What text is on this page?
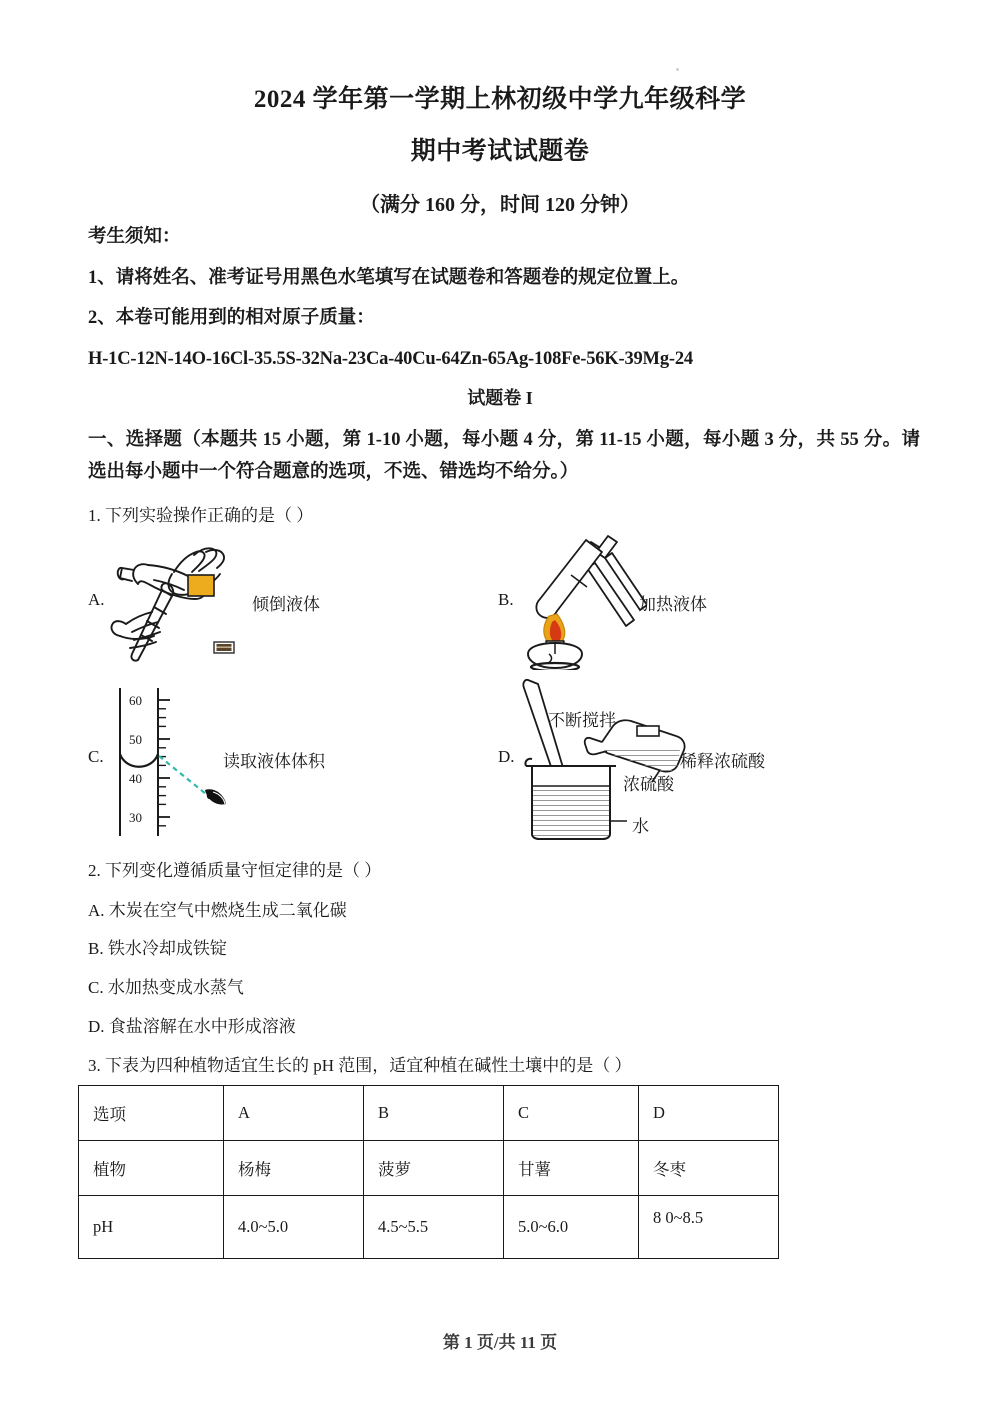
2024 学年第一学期上林初级中学九年级科学
期中考试试题卷
（满分 160 分，时间 120 分钟）
考生须知：
1、请将姓名、准考证号用黑色水笔填写在试题卷和答题卷的规定位置上。
2、本卷可能用到的相对原子质量：
H-1C-12N-14O-16Cl-35.5S-32Na-23Ca-40Cu-64Zn-65Ag-108Fe-56K-39Mg-24
试题卷 I
一、选择题（本题共 15 小题，第 1-10 小题，每小题 4 分，第 11-15 小题，每小题 3 分，共 55 分。请选出每小题中一个符合题意的选项，不选、错选均不给分。）
1. 下列实验操作正确的是（ ）
A.	倾倒液体	B.	加热液体
C.
60
50
40
30
读取液体体积	D.
不断搅拌
稀释浓硫酸
浓硫酸
水
2. 下列变化遵循质量守恒定律的是（ ）
A. 木炭在空气中燃烧生成二氧化碳
B. 铁水冷却成铁锭
C. 水加热变成水蒸气
D. 食盐溶解在水中形成溶液
3. 下表为四种植物适宜生长的 pH 范围，适宜种植在碱性土壤中的是（ ）
选项	A	B	C	D
植物	杨梅	菠萝	甘薯	冬枣
pH	4.0~5.0	4.5~5.5	5.0~6.0	8 0~8.5
第 1 页/共 11 页
